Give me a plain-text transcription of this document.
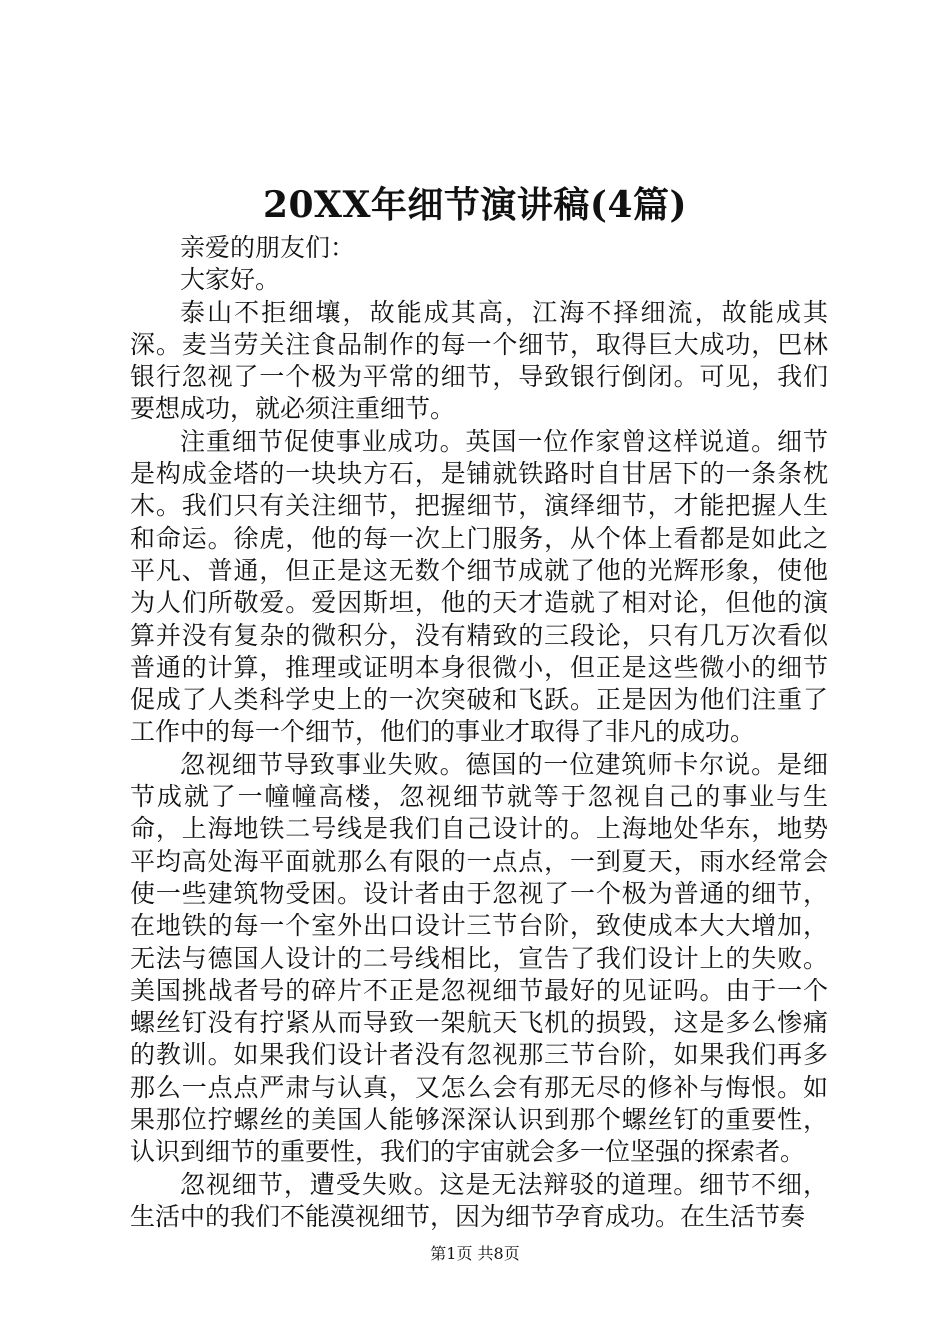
20XX年细节演讲稿(4篇)

亲爱的朋友们：

大家好。

泰山不拒细壤，故能成其高，江海不择细流，故能成其深。麦当劳关注食品制作的每一个细节，取得巨大成功，巴林银行忽视了一个极为平常的细节，导致银行倒闭。可见，我们要想成功，就必须注重细节。

注重细节促使事业成功。英国一位作家曾这样说道。细节是构成金塔的一块块方石，是铺就铁路时自甘居下的一条条枕木。我们只有关注细节，把握细节，演绎细节，才能把握人生和命运。徐虎，他的每一次上门服务，从个体上看都是如此之平凡、普通，但正是这无数个细节成就了他的光辉形象，使他为人们所敬爱。爱因斯坦，他的天才造就了相对论，但他的演算并没有复杂的微积分，没有精致的三段论，只有几万次看似普通的计算，推理或证明本身很微小，但正是这些微小的细节促成了人类科学史上的一次突破和飞跃。正是因为他们注重了工作中的每一个细节，他们的事业才取得了非凡的成功。

忽视细节导致事业失败。德国的一位建筑师卡尔说。是细节成就了一幢幢高楼，忽视细节就等于忽视自己的事业与生命，上海地铁二号线是我们自己设计的。上海地处华东，地势平均高处海平面就那么有限的一点点，一到夏天，雨水经常会使一些建筑物受困。设计者由于忽视了一个极为普通的细节，在地铁的每一个室外出口设计三节台阶，致使成本大大增加，无法与德国人设计的二号线相比，宣告了我们设计上的失败。美国挑战者号的碎片不正是忽视细节最好的见证吗。由于一个螺丝钉没有拧紧从而导致一架航天飞机的损毁，这是多么惨痛的教训。如果我们设计者没有忽视那三节台阶，如果我们再多那么一点点严肃与认真，又怎么会有那无尽的修补与悔恨。如果那位拧螺丝的美国人能够深深认识到那个螺丝钉的重要性，认识到细节的重要性，我们的宇宙就会多一位坚强的探索者。

忽视细节，遭受失败。这是无法辩驳的道理。细节不细，生活中的我们不能漠视细节，因为细节孕育成功。在生活节奏

第1页 共8页
